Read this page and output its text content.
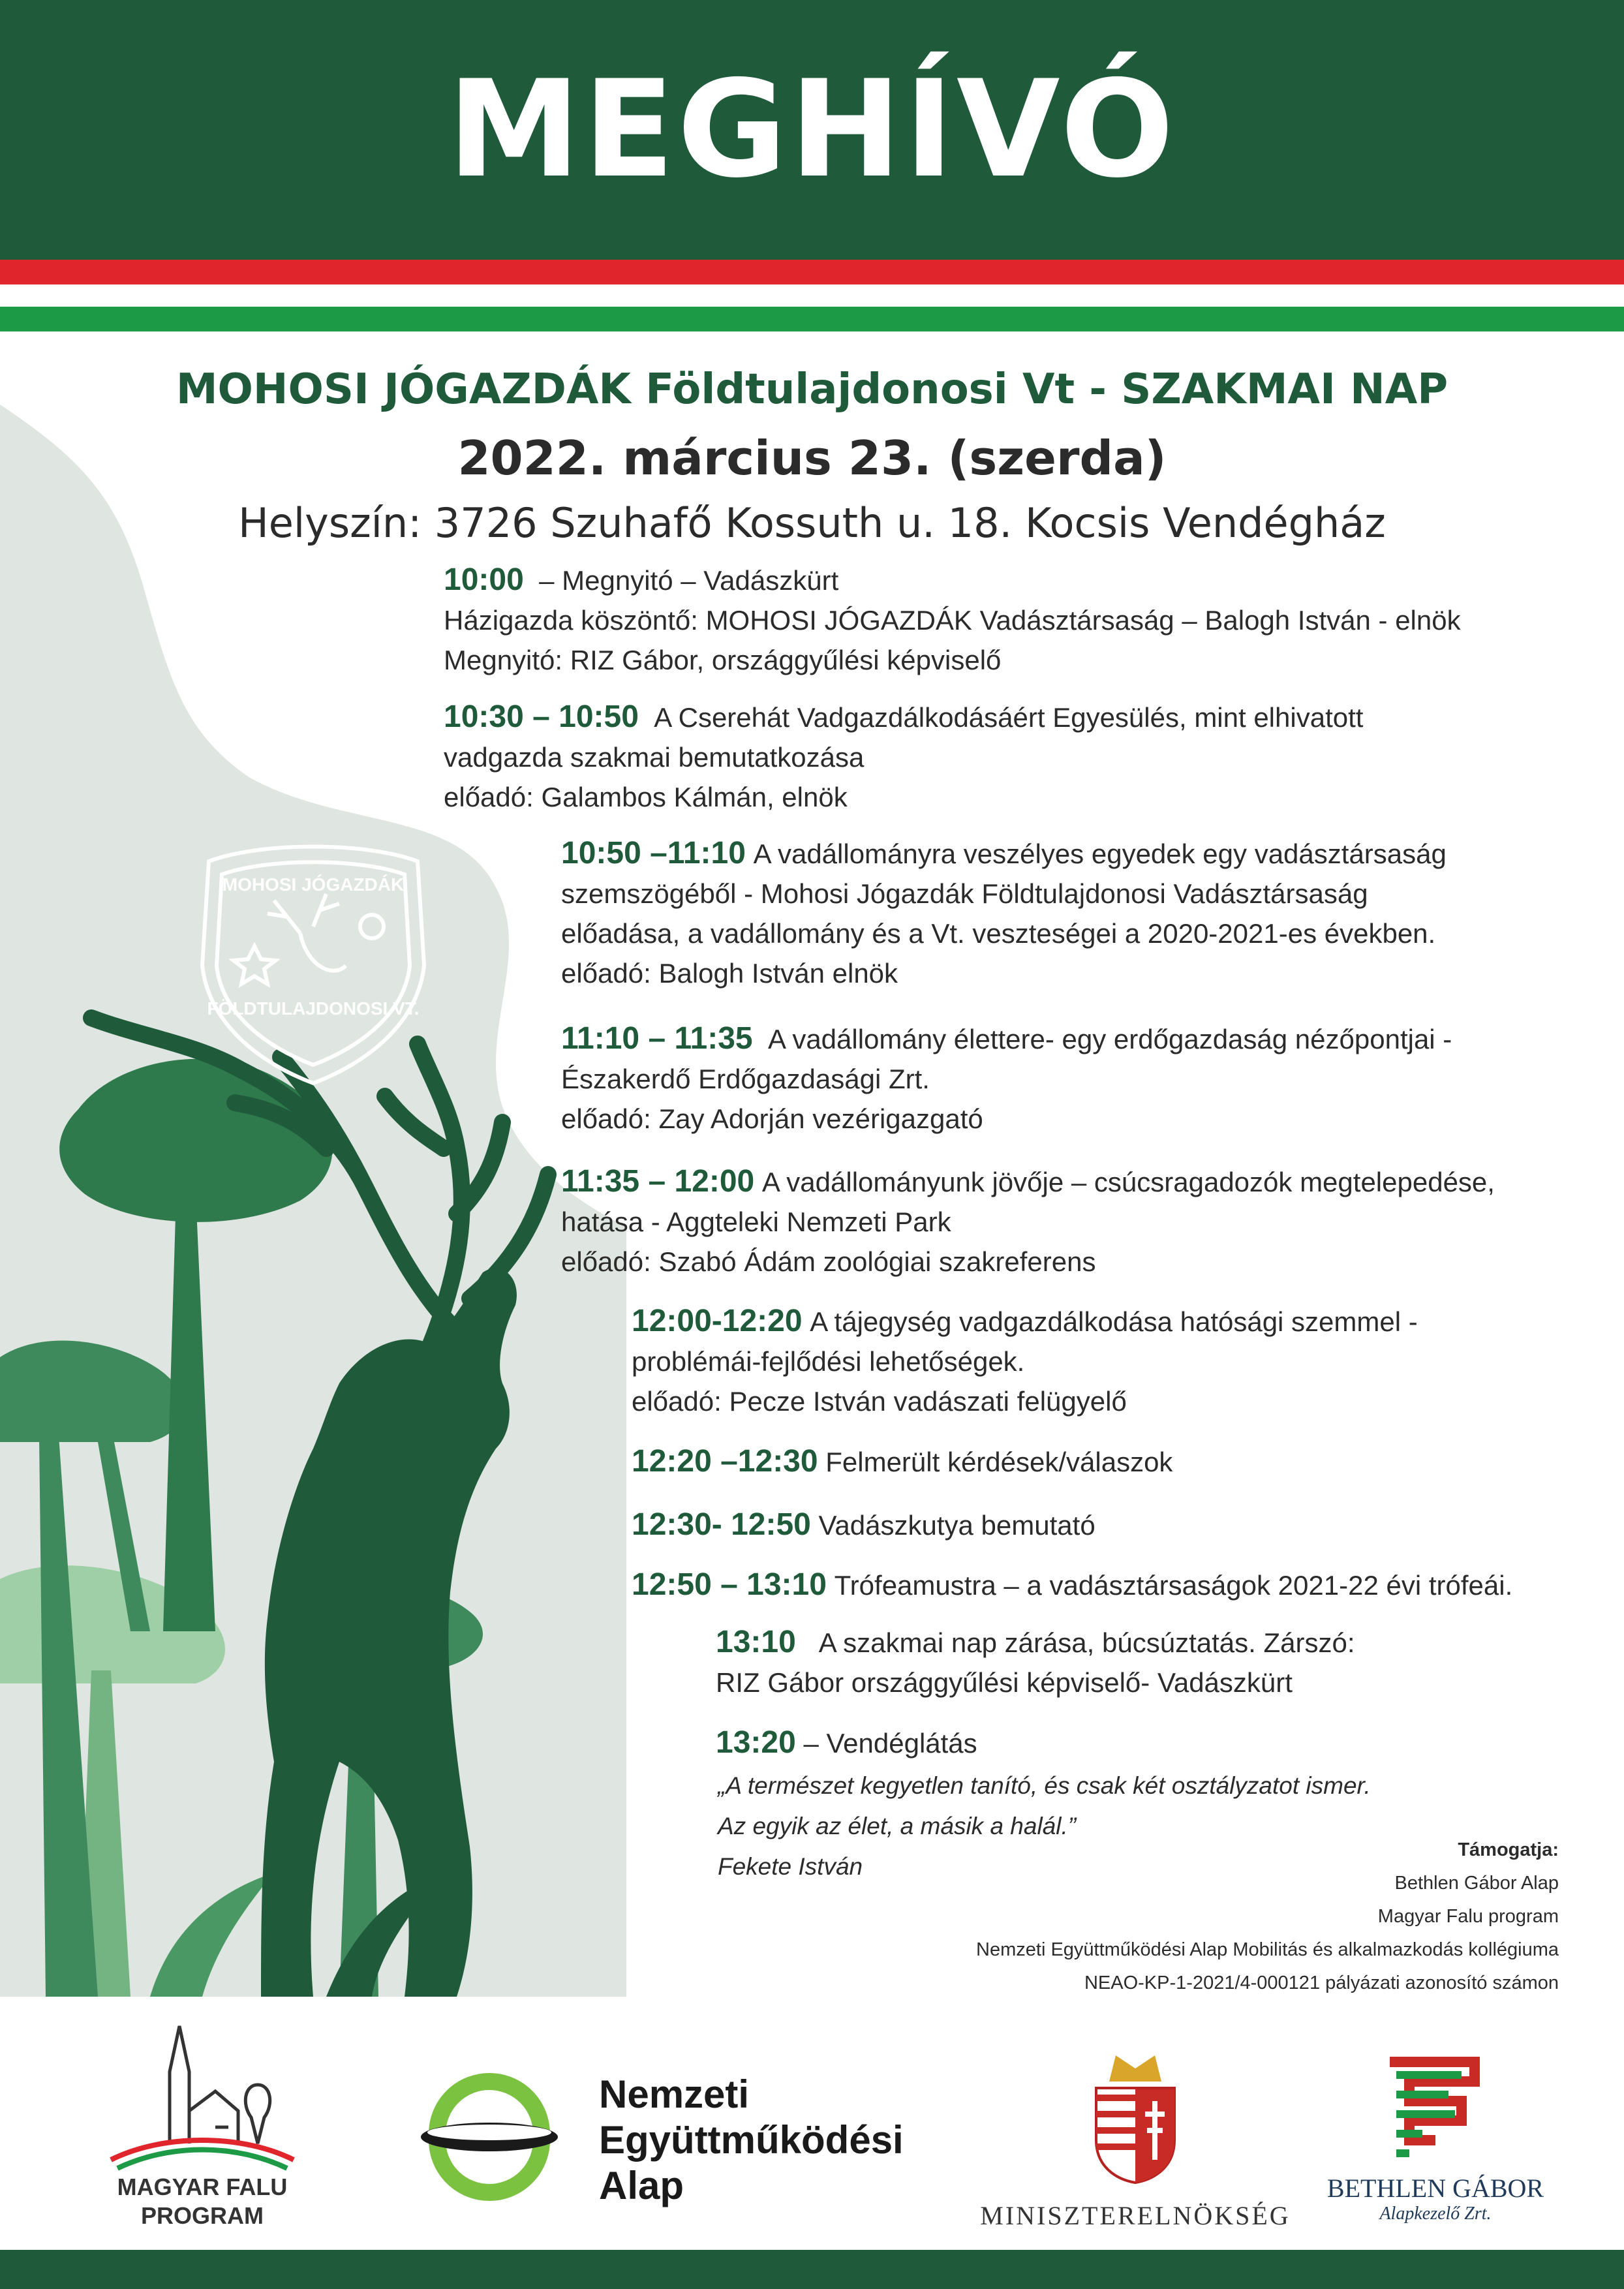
MEGHÍVÓ
MOHOSI JÓGAZDÁK
FÖLDTULAJDONOSI VT.
MOHOSI JÓGAZDÁK Földtulajdonosi Vt - SZAKMAI NAP
2022. március 23. (szerda)
Helyszín: 3726 Szuhafő Kossuth u. 18. Kocsis Vendégház
10:00 – Megnyitó – Vadászkürt
Házigazda köszöntő: MOHOSI JÓGAZDÁK Vadásztársaság – Balogh István - elnök
Megnyitó: RIZ Gábor, országgyűlési képviselő
10:30 – 10:50 A Cserehát Vadgazdálkodásáért Egyesülés, mint elhivatott
vadgazda szakmai bemutatkozása
előadó: Galambos Kálmán, elnök
10:50 –11:10 A vadállományra veszélyes egyedek egy vadásztársaság
szemszögéből - Mohosi Jógazdák Földtulajdonosi Vadásztársaság
előadása, a vadállomány és a Vt. veszteségei a 2020-2021-es években.
előadó: Balogh István elnök
11:10 – 11:35 A vadállomány élettere- egy erdőgazdaság nézőpontjai -
Északerdő Erdőgazdasági Zrt.
előadó: Zay Adorján vezérigazgató
11:35 – 12:00 A vadállományunk jövője – csúcsragadozók megtelepedése,
hatása - Aggteleki Nemzeti Park
előadó: Szabó Ádám zoológiai szakreferens
12:00-12:20 A tájegység vadgazdálkodása hatósági szemmel -
problémái-fejlődési lehetőségek.
előadó: Pecze István vadászati felügyelő
12:20 –12:30 Felmerült kérdések/válaszok
12:30- 12:50 Vadászkutya bemutató
12:50 – 13:10 Trófeamustra – a vadásztársaságok 2021-22 évi trófeái.
13:10 A szakmai nap zárása, búcsúztatás. Zárszó:
RIZ Gábor országgyűlési képviselő- Vadászkürt
13:20 – Vendéglátás
„A természet kegyetlen tanító, és csak két osztályzatot ismer.
Az egyik az élet, a másik a halál.”
Fekete István
Támogatja:
Bethlen Gábor Alap
Magyar Falu program
Nemzeti Együttműködési Alap Mobilitás és alkalmazkodás kollégiuma
NEAO-KP-1-2021/4-000121 pályázati azonosító számon
MAGYAR FALU
PROGRAM
Nemzeti
Együttműködési
Alap
MINISZTERELNÖKSÉG
BETHLEN GÁBOR
Alapkezelő Zrt.
